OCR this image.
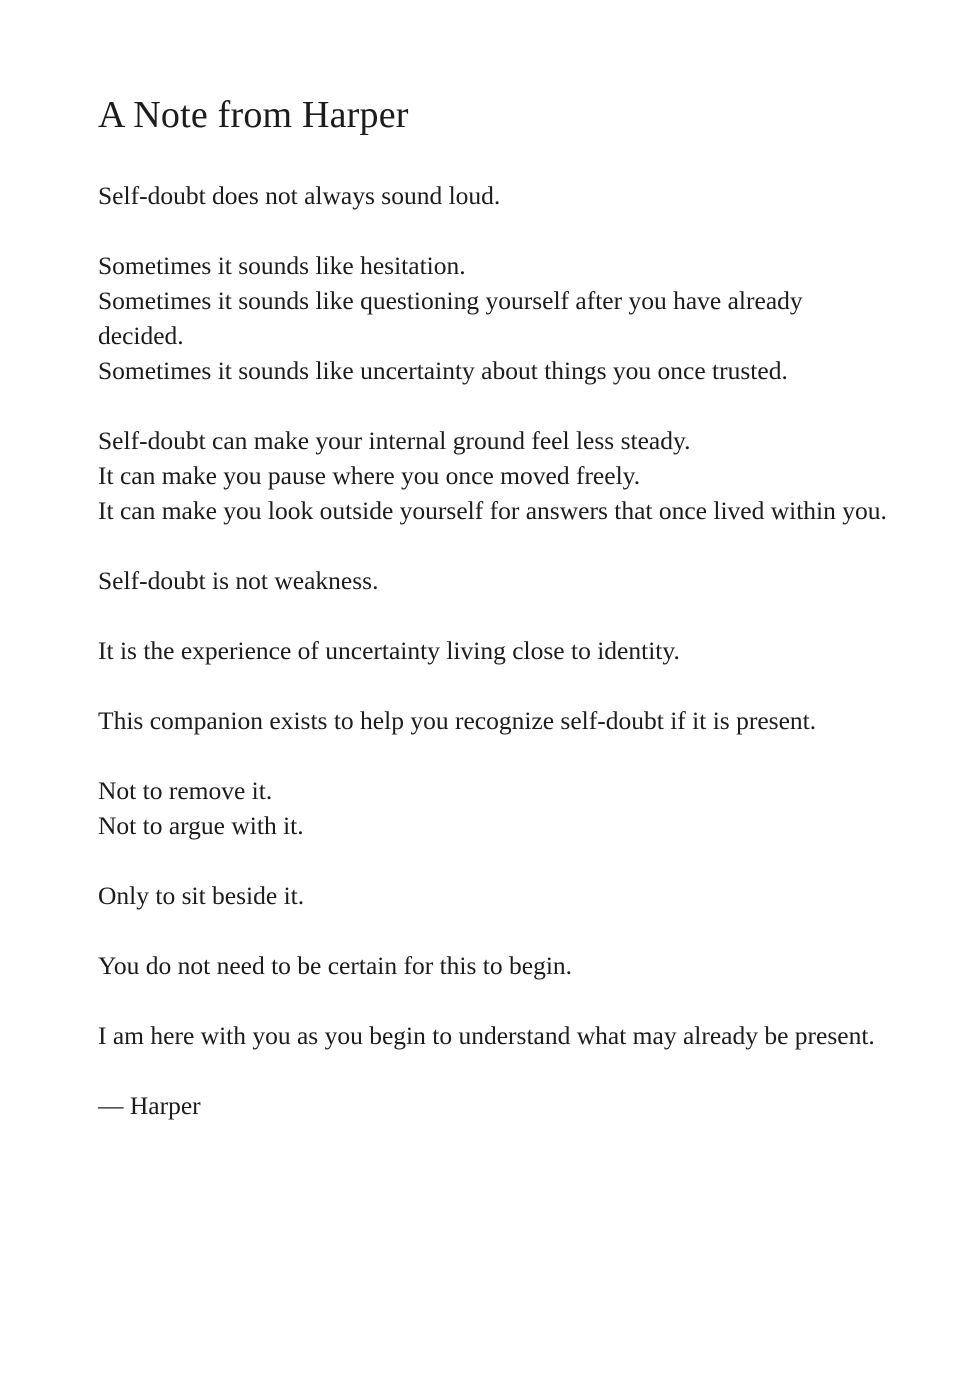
A Note from Harper

Self-doubt does not always sound loud.

Sometimes it sounds like hesitation.
Sometimes it sounds like questioning yourself after you have already decided.
Sometimes it sounds like uncertainty about things you once trusted.

Self-doubt can make your internal ground feel less steady.
It can make you pause where you once moved freely.
It can make you look outside yourself for answers that once lived within you.

Self-doubt is not weakness.

It is the experience of uncertainty living close to identity.

This companion exists to help you recognize self-doubt if it is present.

Not to remove it.
Not to argue with it.

Only to sit beside it.

You do not need to be certain for this to begin.

I am here with you as you begin to understand what may already be present.

— Harper
